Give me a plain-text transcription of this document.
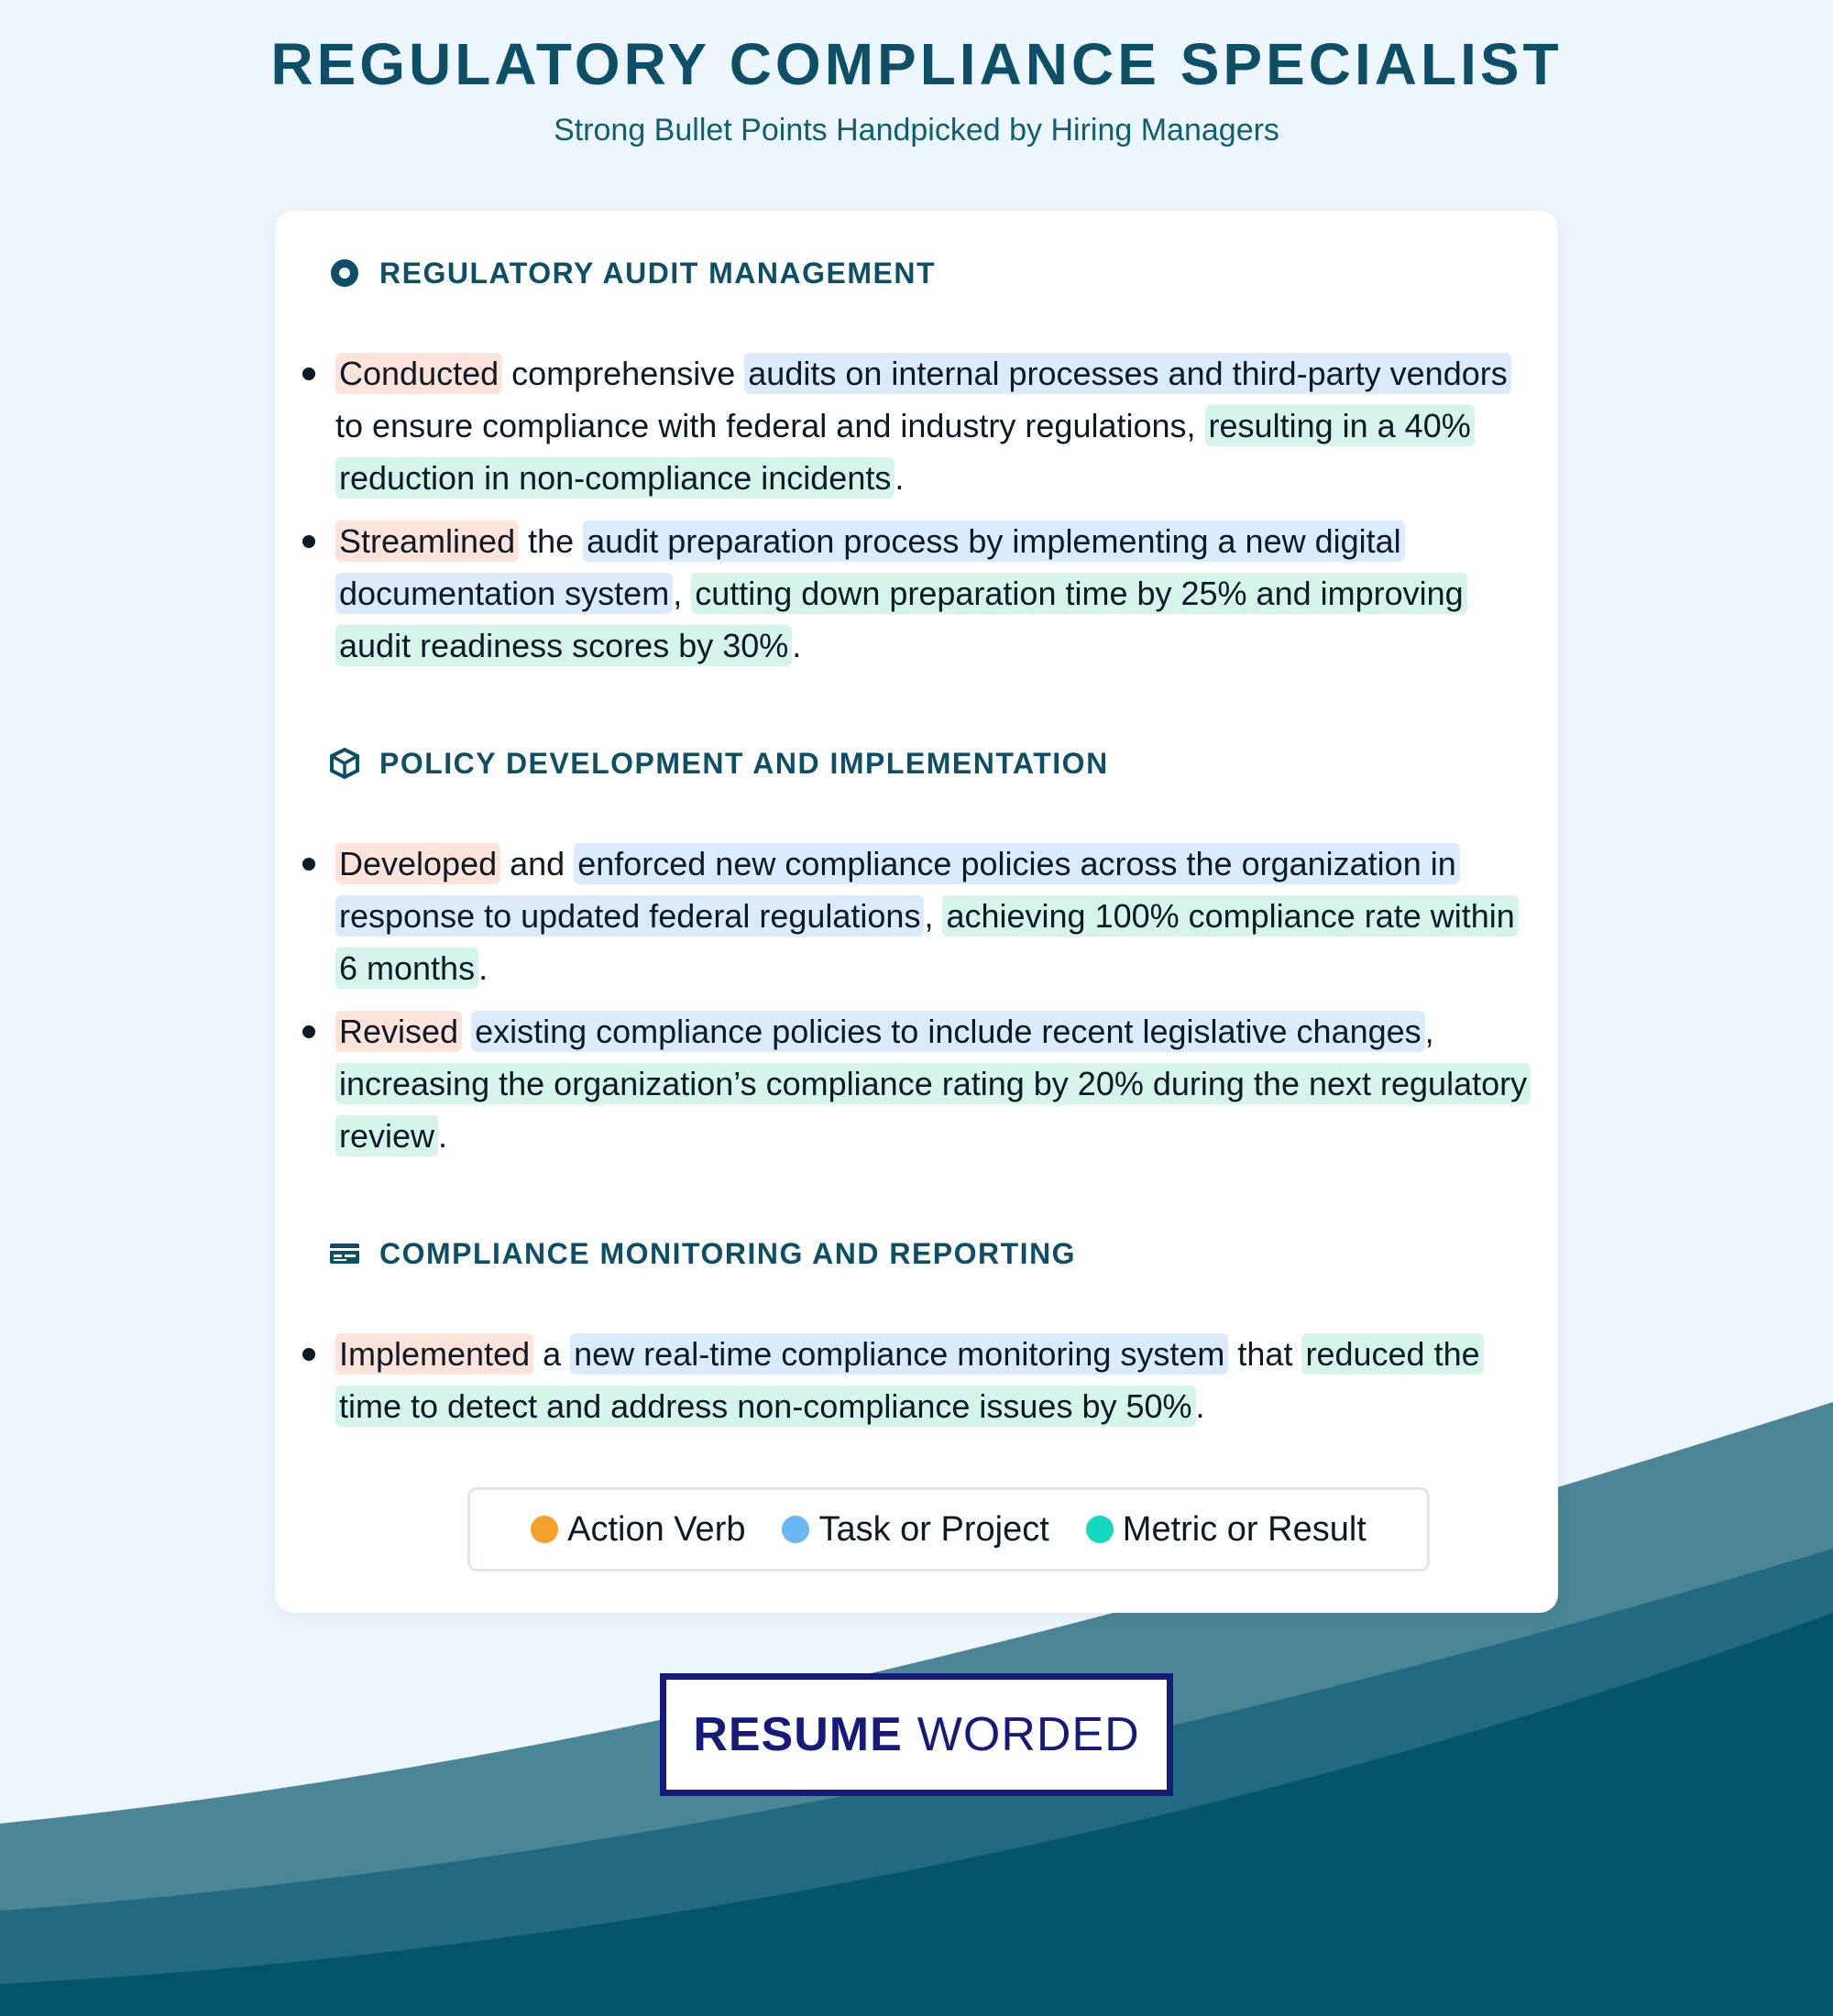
REGULATORY COMPLIANCE SPECIALIST
Strong Bullet Points Handpicked by Hiring Managers
REGULATORY AUDIT MANAGEMENT
Conducted comprehensive audits on internal processes and third-party vendors to ensure compliance with federal and industry regulations, resulting in a 40% reduction in non-compliance incidents .
Streamlined the audit preparation process by implementing a new digital documentation system , cutting down preparation time by 25% and improving audit readiness scores by 30% .
POLICY DEVELOPMENT AND IMPLEMENTATION
Developed and enforced new compliance policies across the organization in response to updated federal regulations , achieving 100% compliance rate within 6 months .
Revised existing compliance policies to include recent legislative changes , increasing the organization’s compliance rating by 20% during the next regulatory review .
COMPLIANCE MONITORING AND REPORTING
Implemented a new real-time compliance monitoring system that reduced the time to detect and address non-compliance issues by 50% .
Action Verb Task or Project Metric or Result
RESUME WORDED
